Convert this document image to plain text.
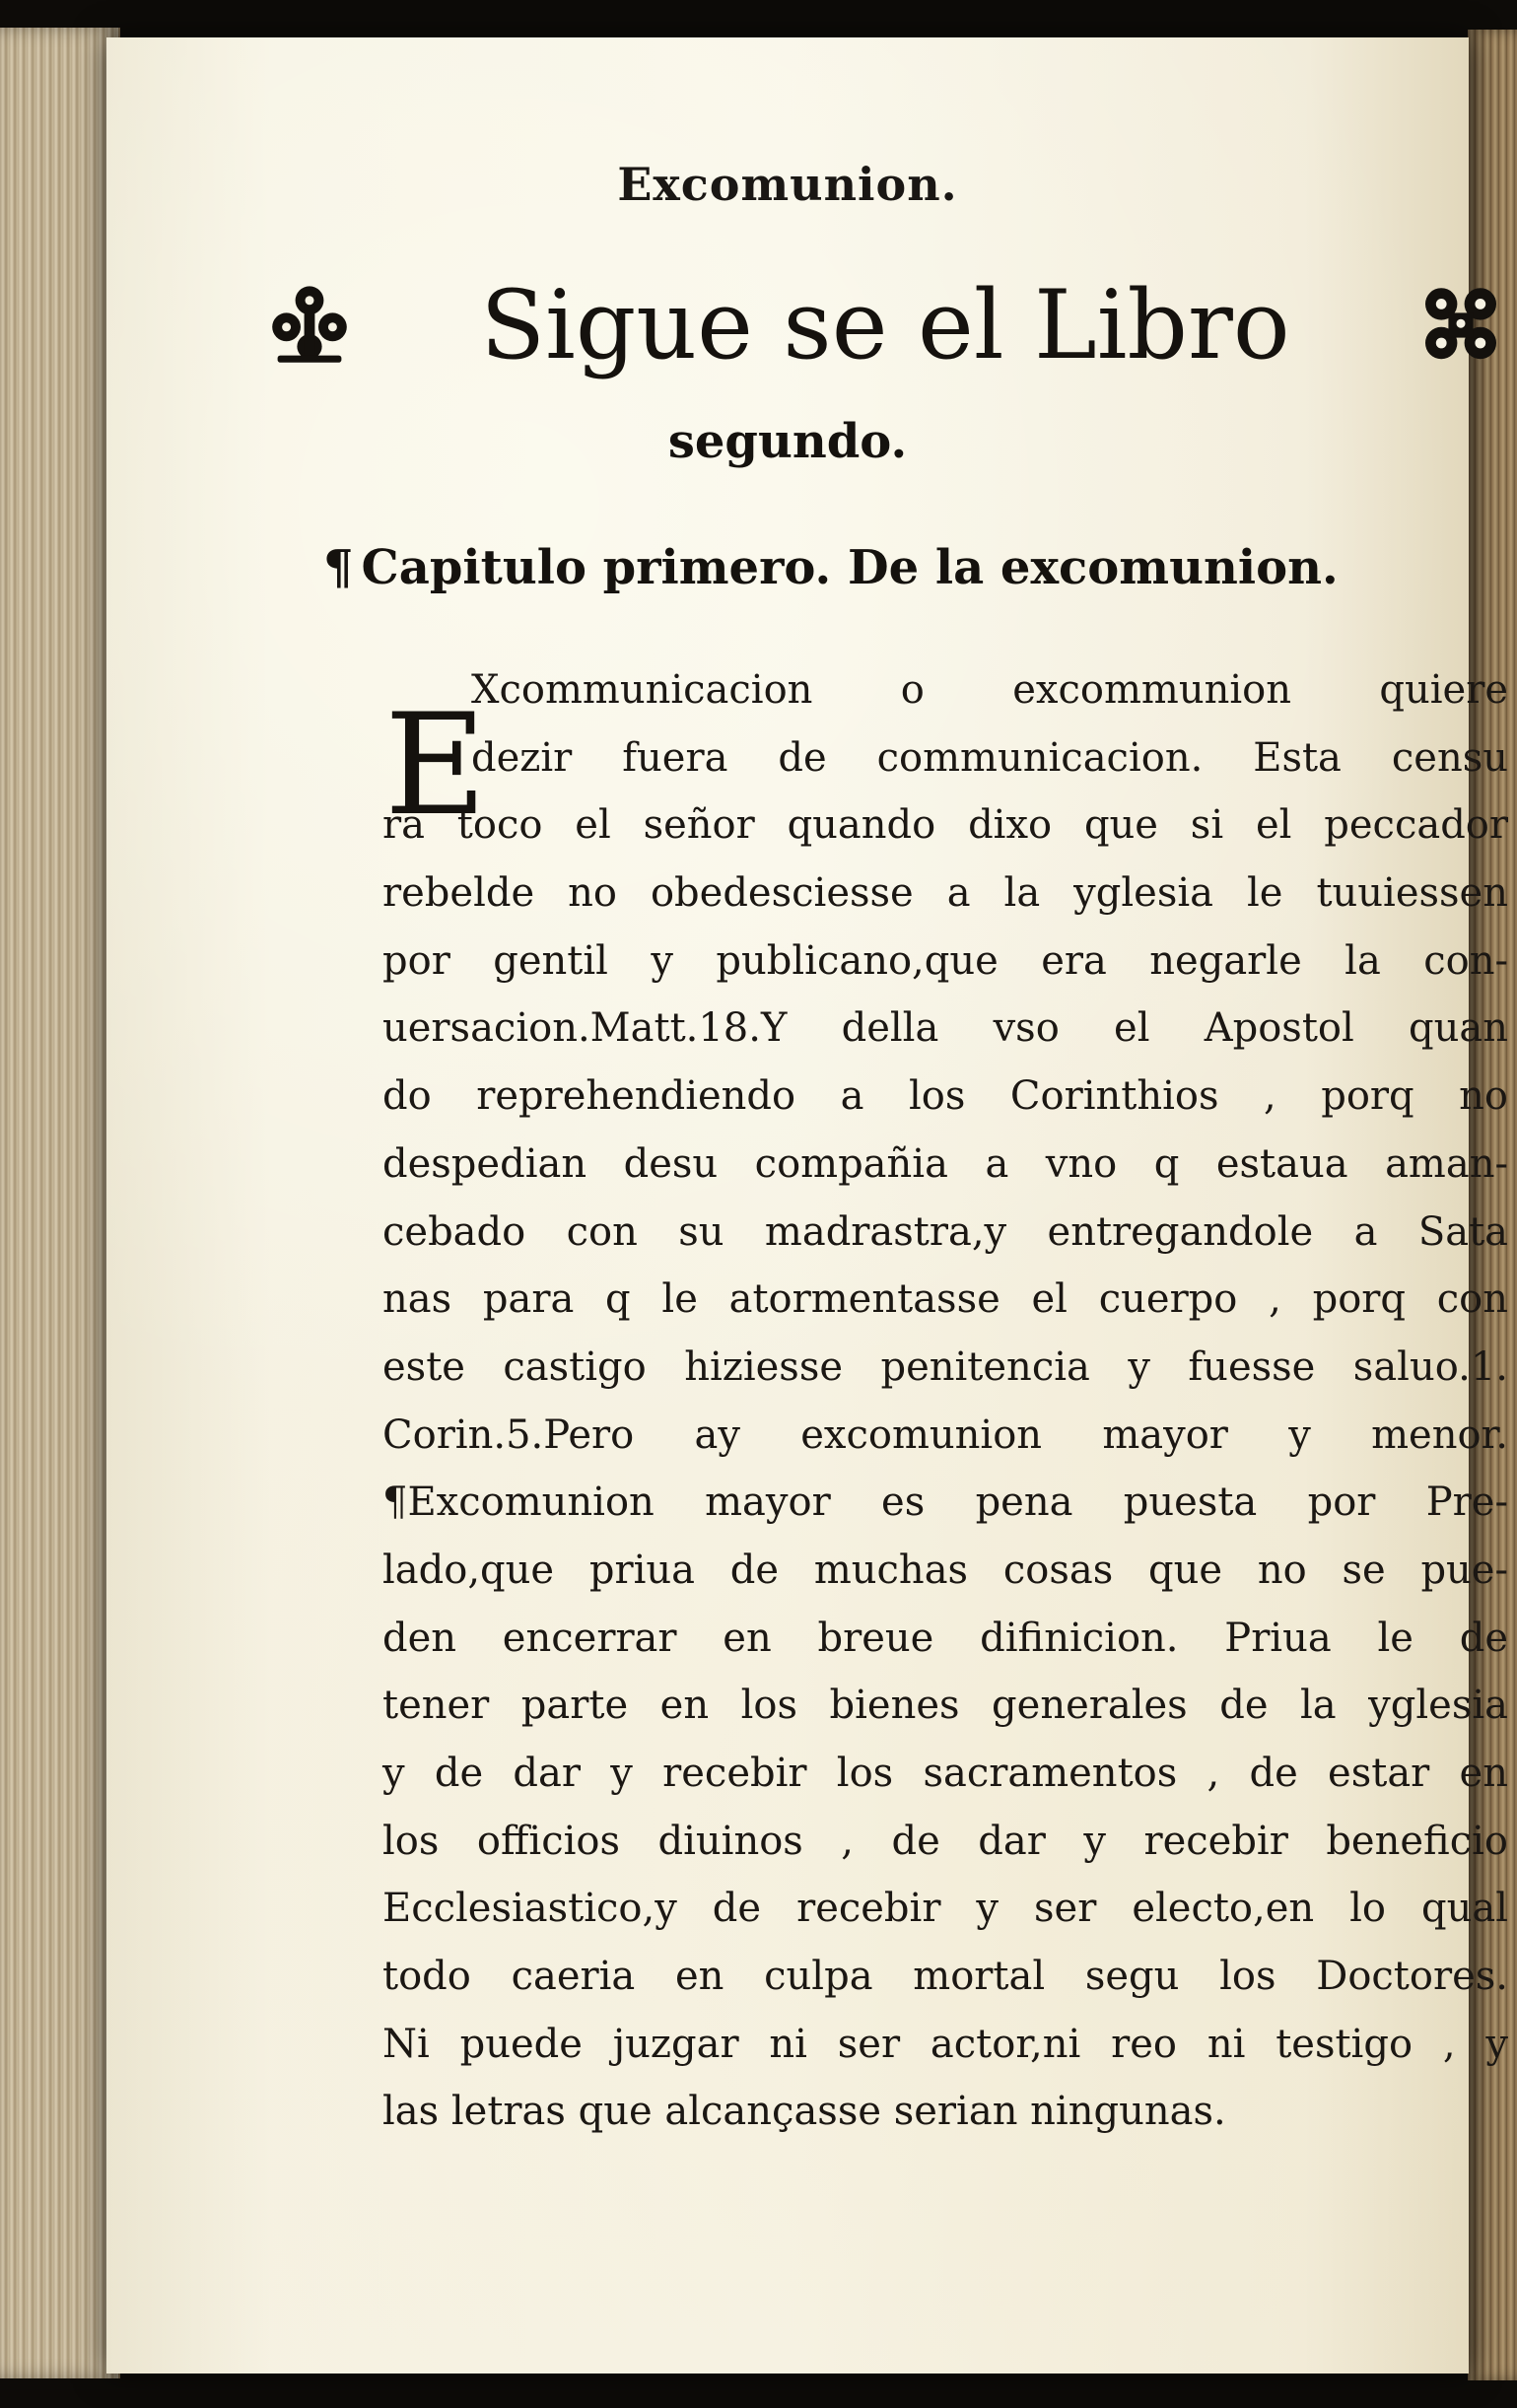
Excomunion.
Sigue se el Libro
segundo.
¶ Capitulo primero. De la excomunion.
E
Xcommunicacion o excommunion quiere
dezir fuera de communicacion. Esta censu
ra toco el señor quando dixo que si el peccador
rebelde no obedesciesse a la yglesia le tuuiessen
por gentil y publicano,que era negarle la con-
uersacion.Matt.18.Y della vso el Apostol quan
do reprehendiendo a los Corinthios , porq no
despedian desu compañia a vno q estaua aman-
cebado con su madrastra,y entregandole a Sata
nas para q le atormentasse el cuerpo , porq con
este castigo hiziesse penitencia y fuesse saluo.1.
Corin.5.Pero ay excomunion mayor y menor.
¶Excomunion mayor es pena puesta por Pre-
lado,que priua de muchas cosas que no se pue-
den encerrar en breue difinicion. Priua le de
tener parte en los bienes generales de la yglesia
y de dar y recebir los sacramentos , de estar en
los officios diuinos , de dar y recebir beneficio
Ecclesiastico,y de recebir y ser electo,en lo qual
todo caeria en culpa mortal segu los Doctores.
Ni puede juzgar ni ser actor,ni reo ni testigo , y
las letras que alcançasse serian ningunas.
